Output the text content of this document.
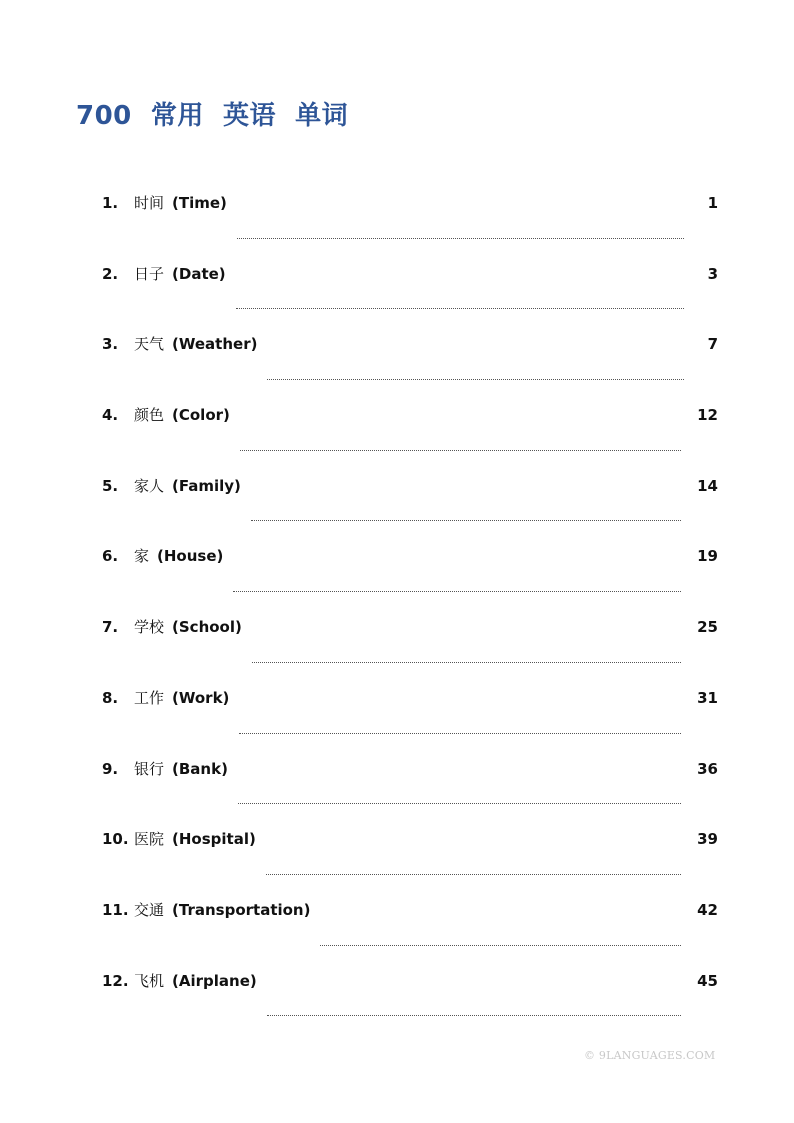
700  常用  英语  单词
1.	时间 (Time)	1
2.	日子 (Date)	3
3.	天气 (Weather)	7
4.	颜色 (Color)	12
5.	家人 (Family)	14
6.	家 (House)	19
7.	学校 (School)	25
8.	工作 (Work)	31
9.	银行 (Bank)	36
10. 医院 (Hospital)	39
11. 交通 (Transportation)	42
12. 飞机 (Airplane)	45
© 9LANGUAGES.COM
